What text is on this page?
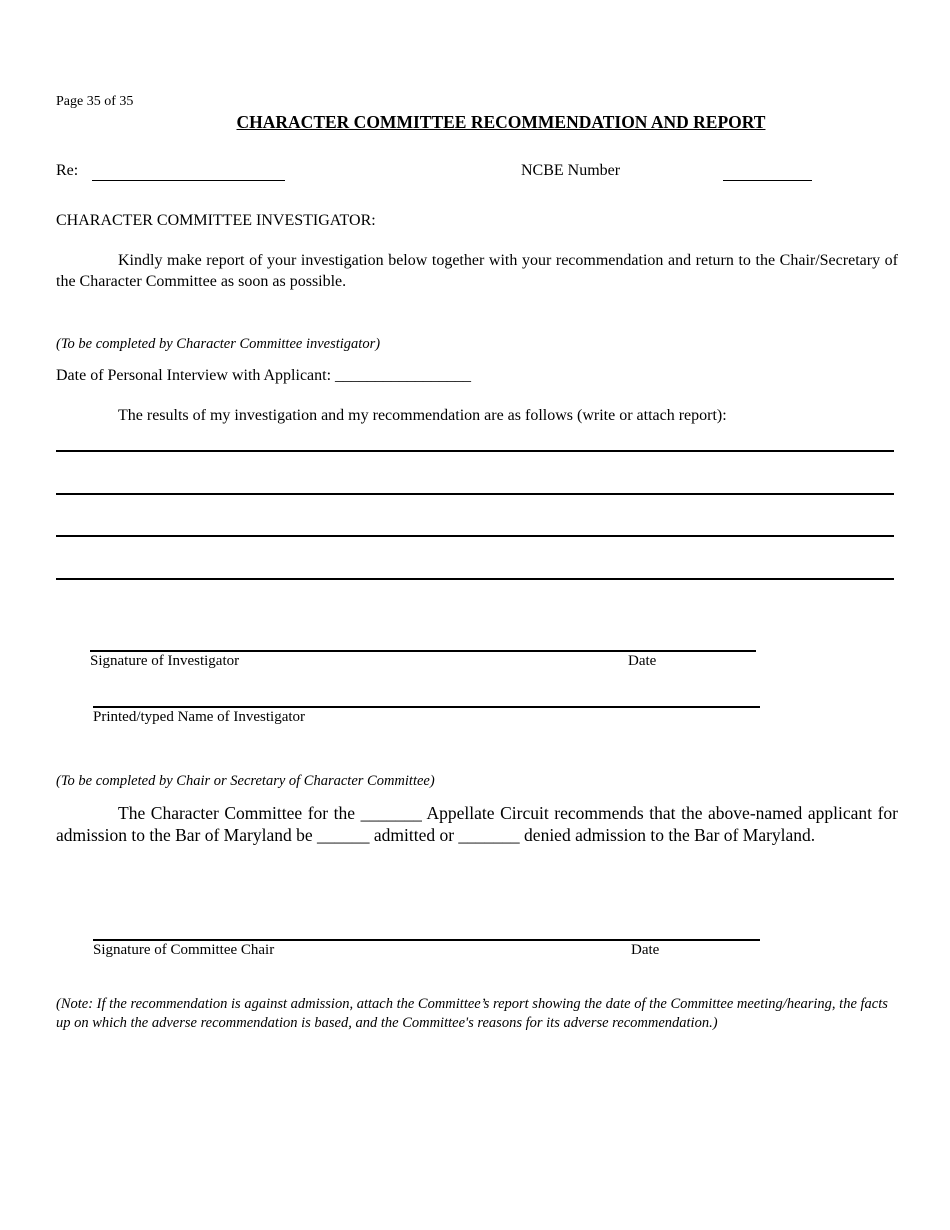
Page 35 of 35
CHARACTER COMMITTEE RECOMMENDATION AND REPORT
Re:	NCBE Number
CHARACTER COMMITTEE INVESTIGATOR:
Kindly make report of your investigation below together with your recommendation and return to the Chair/Secretary of the Character Committee as soon as possible.
(To be completed by Character Committee investigator)
Date of Personal Interview with Applicant: _________________
The results of my investigation and my recommendation are as follows (write or attach report):
Signature of Investigator	Date
Printed/typed Name of Investigator
(To be completed by Chair or Secretary of Character Committee)
The Character Committee for the _______ Appellate Circuit recommends that the above-named applicant for admission to the Bar of Maryland be ______ admitted or _______ denied admission to the Bar of Maryland.
Signature of Committee Chair	Date
(Note: If the recommendation is against admission, attach the Committee’s report showing the date of the Committee meeting/hearing, the facts up on which the adverse recommendation is based, and the Committee's reasons for its adverse recommendation.)
